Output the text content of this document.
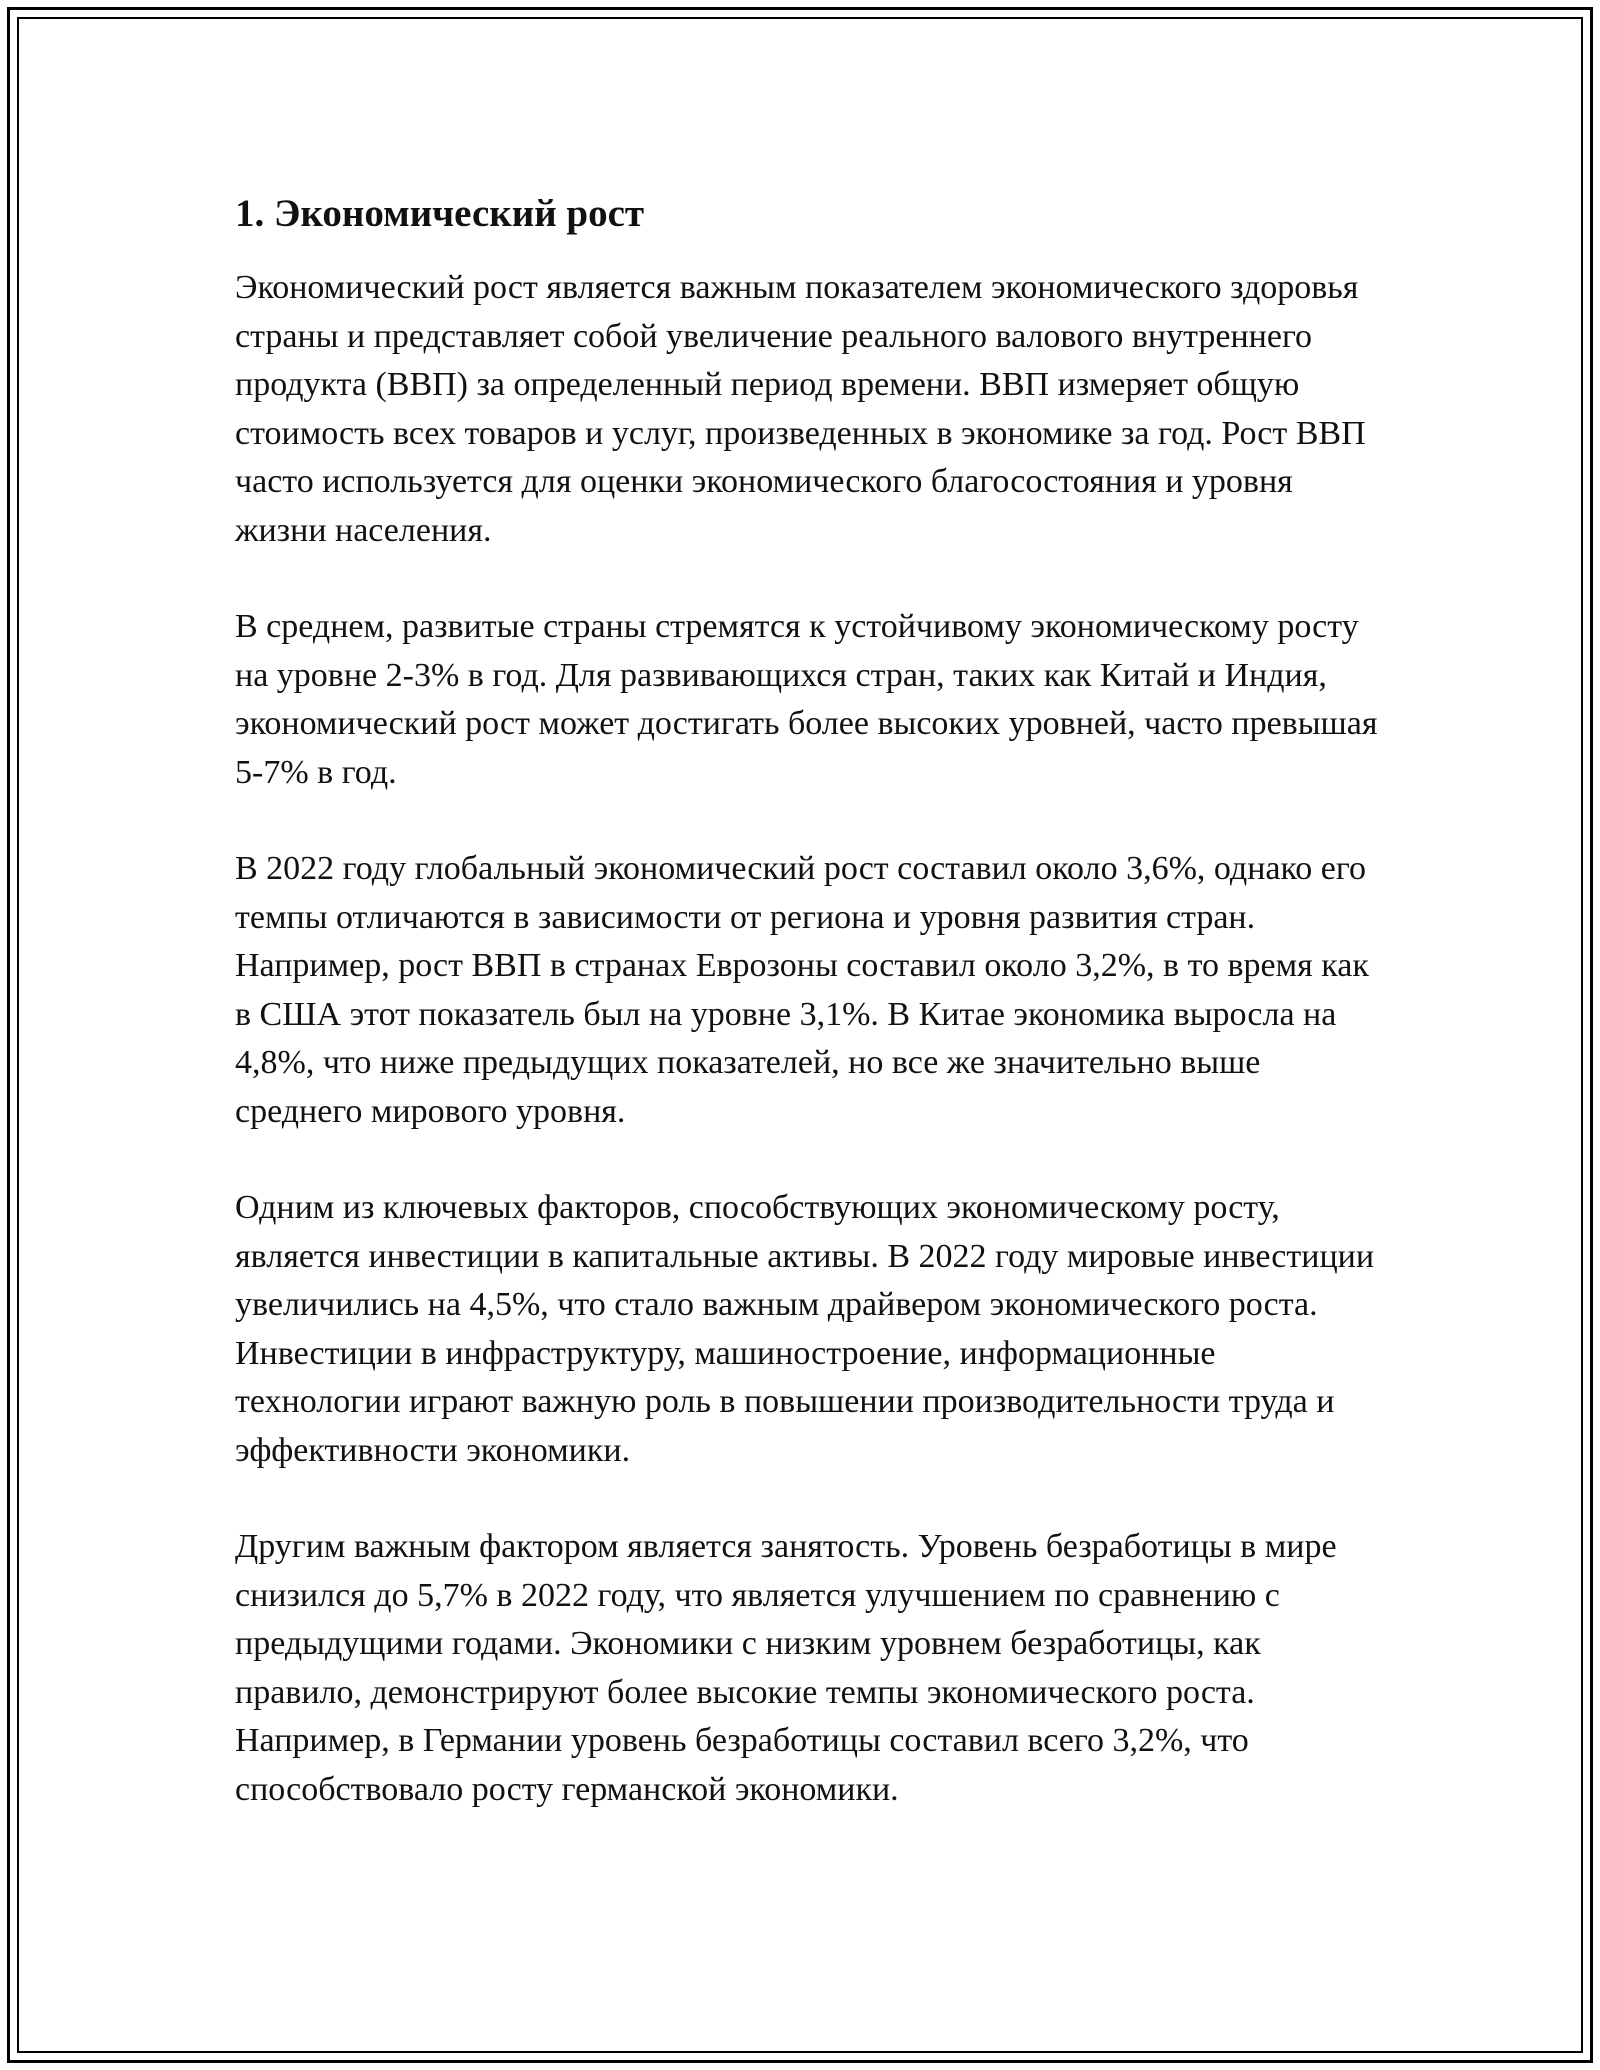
1. Экономический рост

Экономический рост является важным показателем экономического здоровья страны и представляет собой увеличение реального валового внутреннего продукта (ВВП) за определенный период времени. ВВП измеряет общую стоимость всех товаров и услуг, произведенных в экономике за год. Рост ВВП часто используется для оценки экономического благосостояния и уровня жизни населения.

В среднем, развитые страны стремятся к устойчивому экономическому росту на уровне 2-3% в год. Для развивающихся стран, таких как Китай и Индия, экономический рост может достигать более высоких уровней, часто превышая 5-7% в год.

В 2022 году глобальный экономический рост составил около 3,6%, однако его темпы отличаются в зависимости от региона и уровня развития стран. Например, рост ВВП в странах Еврозоны составил около 3,2%, в то время как в США этот показатель был на уровне 3,1%. В Китае экономика выросла на 4,8%, что ниже предыдущих показателей, но все же значительно выше среднего мирового уровня.

Одним из ключевых факторов, способствующих экономическому росту, является инвестиции в капитальные активы. В 2022 году мировые инвестиции увеличились на 4,5%, что стало важным драйвером экономического роста. Инвестиции в инфраструктуру, машиностроение, информационные технологии играют важную роль в повышении производительности труда и эффективности экономики.

Другим важным фактором является занятость. Уровень безработицы в мире снизился до 5,7% в 2022 году, что является улучшением по сравнению с предыдущими годами. Экономики с низким уровнем безработицы, как правило, демонстрируют более высокие темпы экономического роста. Например, в Германии уровень безработицы составил всего 3,2%, что способствовало росту германской экономики.
